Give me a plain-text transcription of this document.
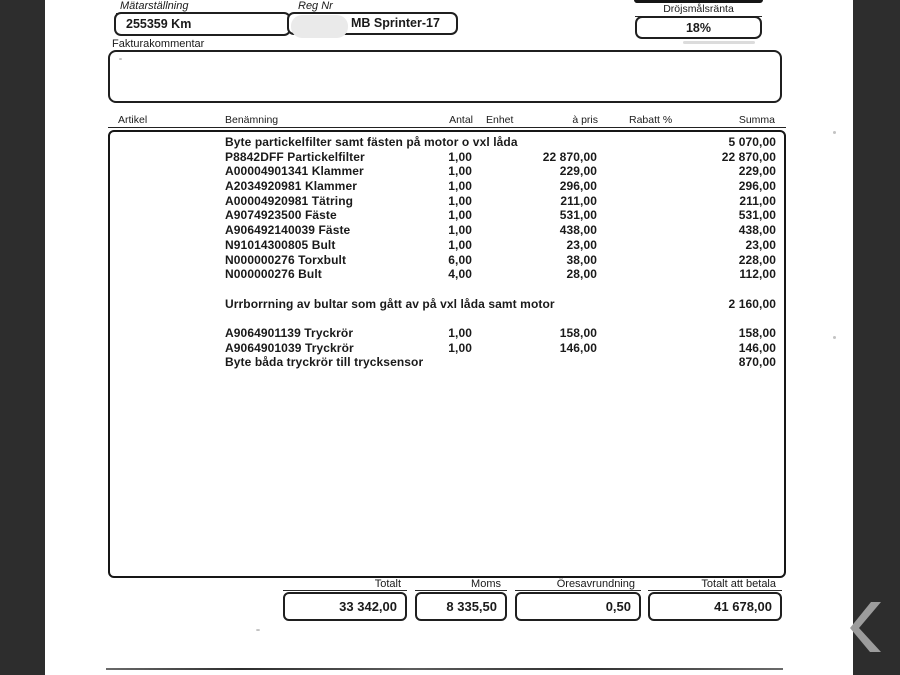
Mätarställning
255359 Km
Reg Nr
MB Sprinter-17
Dröjsmålsränta
18%
Fakturakommentar
Artikel	Benämning	Antal Enhet	à pris	Rabatt %	Summa
Byte partickelfilter samt fästen på motor o vxl låda	5 070,00
P8842DFF Partickelfilter	1,00	22 870,00	22 870,00
A00004901341 Klammer	1,00	229,00	229,00
A2034920981 Klammer	1,00	296,00	296,00
A00004920981 Tätring	1,00	211,00	211,00
A9074923500 Fäste	1,00	531,00	531,00
A906492140039 Fäste	1,00	438,00	438,00
N91014300805 Bult	1,00	23,00	23,00
N000000276 Torxbult	6,00	38,00	228,00
N000000276 Bult	4,00	28,00	112,00
Urrborrning av bultar som gått av på vxl låda samt motor	2 160,00
A9064901139 Tryckrör	1,00	158,00	158,00
A9064901039 Tryckrör	1,00	146,00	146,00
Byte båda tryckrör till trycksensor	870,00
Totalt
33 342,00
Moms
8 335,50
Öresavrundning
0,50
Totalt att betala
41 678,00
